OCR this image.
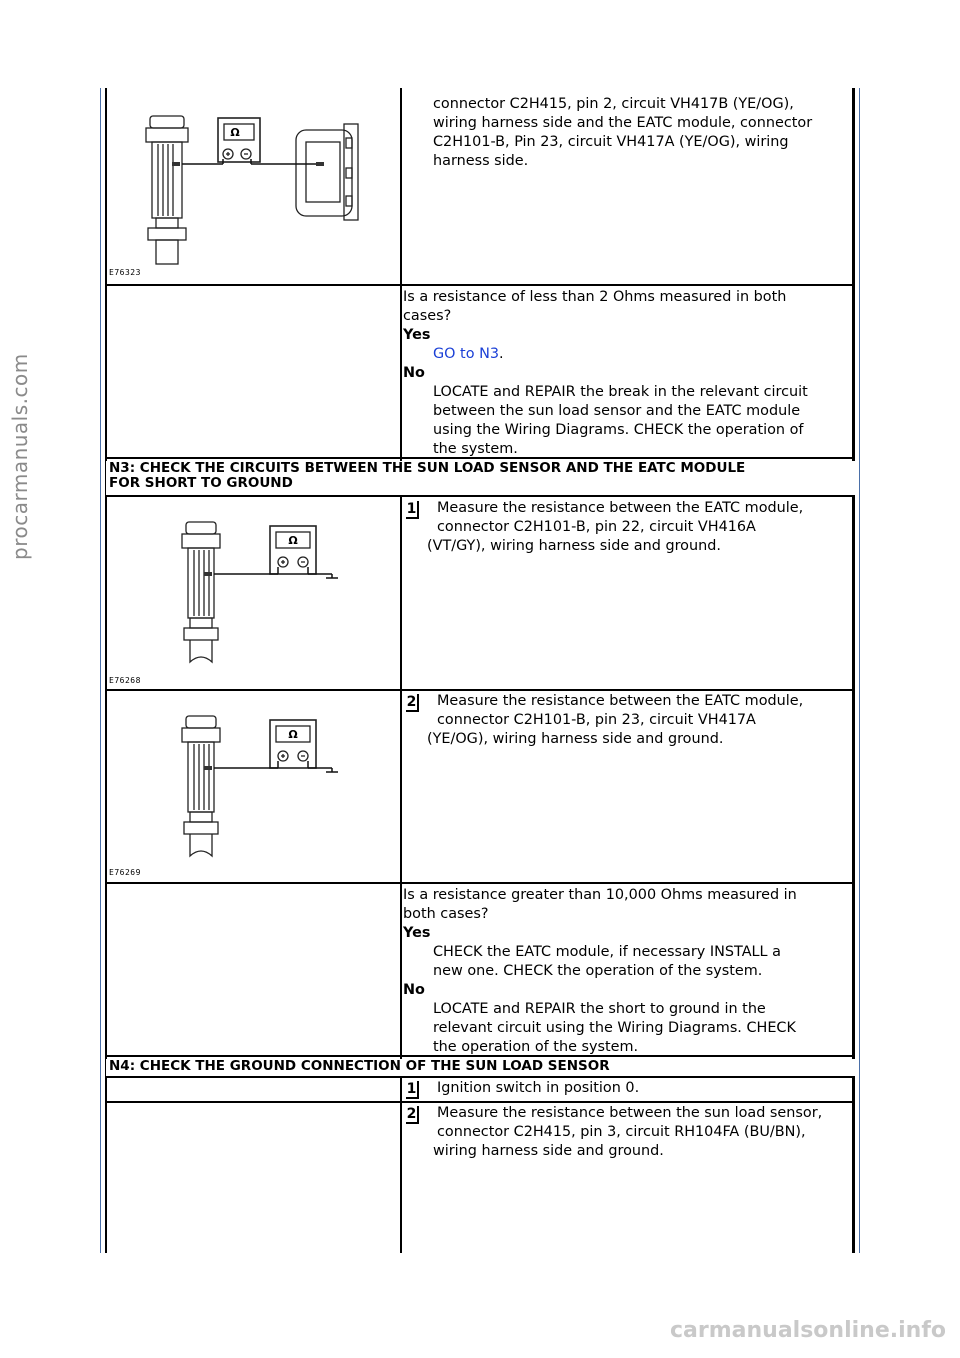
procarmanuals.com
carmanualsonline.info
connector C2H415, pin 2, circuit VH417B (YE/OG),
wiring harness side and the EATC module, connector
C2H101-B, Pin 23, circuit VH417A (YE/OG), wiring
harness side.
Ω
E76323
Is a resistance of less than 2 Ohms measured in both
cases?
Yes
GO to N3.
No
LOCATE and REPAIR the break in the relevant circuit
between the sun load sensor and the EATC module
using the Wiring Diagrams. CHECK the operation of
the system.
N3: CHECK THE CIRCUITS BETWEEN THE SUN LOAD SENSOR AND THE EATC MODULE
FOR SHORT TO GROUND
1 Measure the resistance between the EATC module,
connector C2H101-B, pin 22, circuit VH416A
(VT/GY), wiring harness side and ground.
Ω
E76268
2 Measure the resistance between the EATC module,
connector C2H101-B, pin 23, circuit VH417A
(YE/OG), wiring harness side and ground.
Ω
E76269
Is a resistance greater than 10,000 Ohms measured in
both cases?
Yes
CHECK the EATC module, if necessary INSTALL a
new one. CHECK the operation of the system.
No
LOCATE and REPAIR the short to ground in the
relevant circuit using the Wiring Diagrams. CHECK
the operation of the system.
N4: CHECK THE GROUND CONNECTION OF THE SUN LOAD SENSOR
1 Ignition switch in position 0.
2 Measure the resistance between the sun load sensor,
connector C2H415, pin 3, circuit RH104FA (BU/BN),
wiring harness side and ground.
